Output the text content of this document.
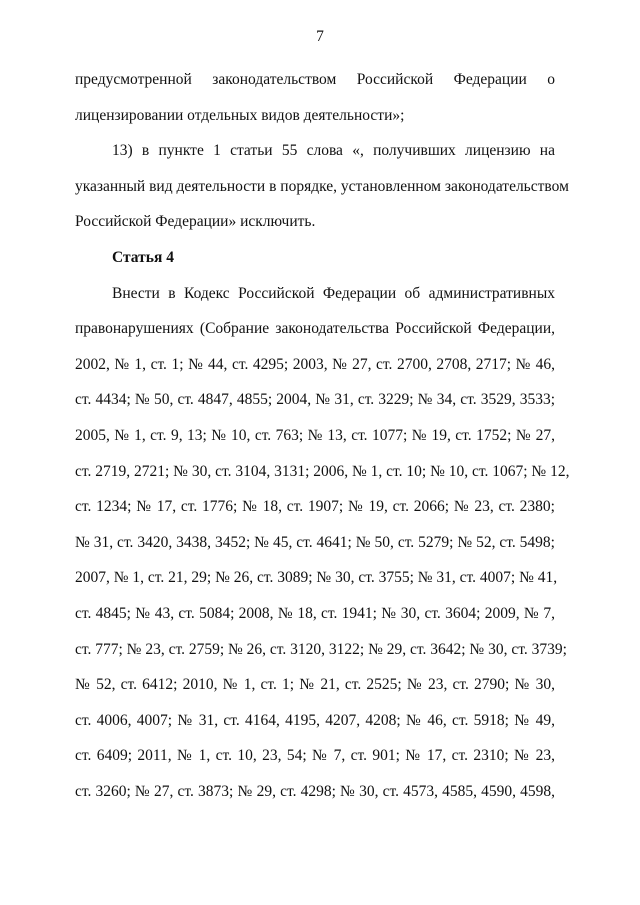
7
предусмотренной законодательством Российской Федерации о
лицензировании отдельных видов деятельности»;
13) в пункте 1 статьи 55 слова «, получивших лицензию на
указанный вид деятельности в порядке, установленном законодательством
Российской Федерации» исключить.
Статья 4
Внести в Кодекс Российской Федерации об административных
правонарушениях (Собрание законодательства Российской Федерации,
2002, № 1, ст. 1; № 44, ст. 4295; 2003, № 27, ст. 2700, 2708, 2717; № 46,
ст. 4434; № 50, ст. 4847, 4855; 2004, № 31, ст. 3229; № 34, ст. 3529, 3533;
2005, № 1, ст. 9, 13; № 10, ст. 763; № 13, ст. 1077; № 19, ст. 1752; № 27,
ст. 2719, 2721; № 30, ст. 3104, 3131; 2006, № 1, ст. 10; № 10, ст. 1067; № 12,
ст. 1234; № 17, ст. 1776; № 18, ст. 1907; № 19, ст. 2066; № 23, ст. 2380;
№ 31, ст. 3420, 3438, 3452; № 45, ст. 4641; № 50, ст. 5279; № 52, ст. 5498;
2007, № 1, ст. 21, 29; № 26, ст. 3089; № 30, ст. 3755; № 31, ст. 4007; № 41,
ст. 4845; № 43, ст. 5084; 2008, № 18, ст. 1941; № 30, ст. 3604; 2009, № 7,
ст. 777; № 23, ст. 2759; № 26, ст. 3120, 3122; № 29, ст. 3642; № 30, ст. 3739;
№ 52, ст. 6412; 2010, № 1, ст. 1; № 21, ст. 2525; № 23, ст. 2790; № 30,
ст. 4006, 4007; № 31, ст. 4164, 4195, 4207, 4208; № 46, ст. 5918; № 49,
ст. 6409; 2011, № 1, ст. 10, 23, 54; № 7, ст. 901; № 17, ст. 2310; № 23,
ст. 3260; № 27, ст. 3873; № 29, ст. 4298; № 30, ст. 4573, 4585, 4590, 4598,
